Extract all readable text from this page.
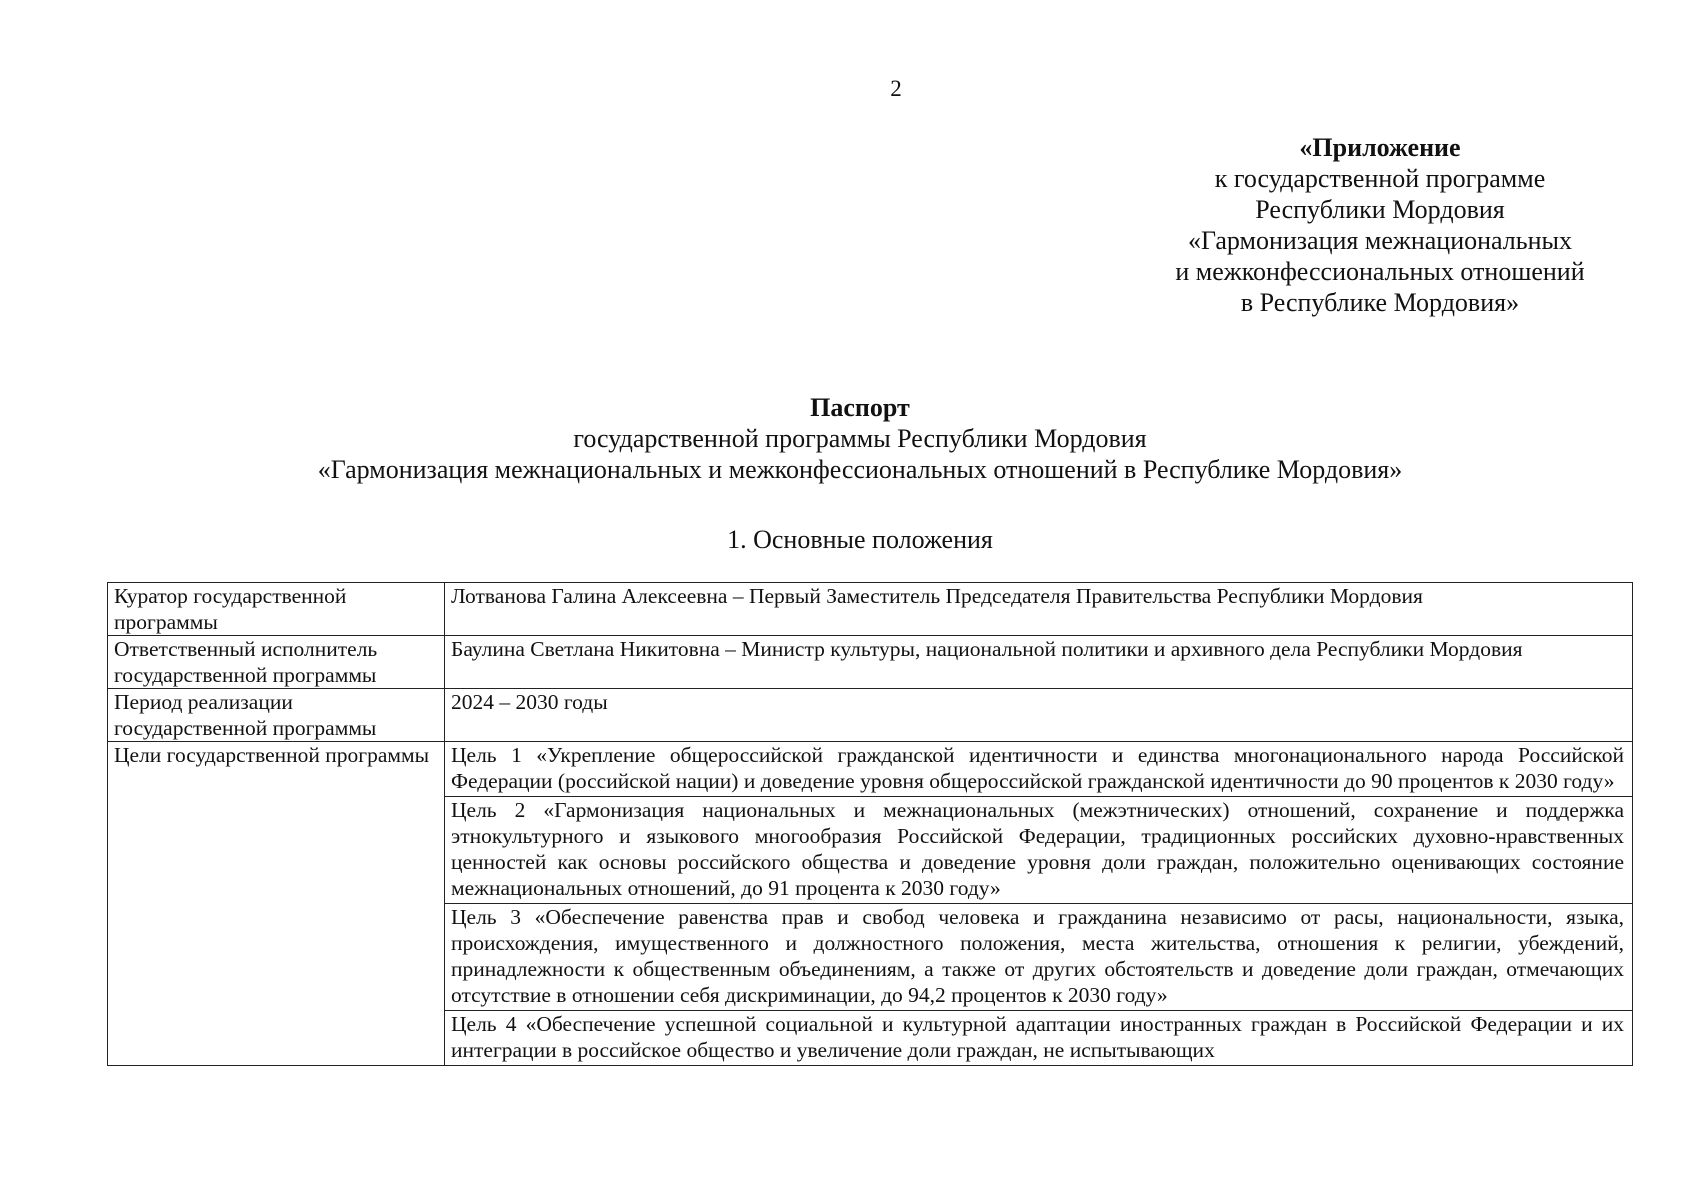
2
«Приложение
к государственной программе
Республики Мордовия
«Гармонизация межнациональных
и межконфессиональных отношений
в Республике Мордовия»
Паспорт
государственной программы Республики Мордовия
«Гармонизация межнациональных и межконфессиональных отношений в Республике Мордовия»
1. Основные положения
Куратор государственной программы	Лотванова Галина Алексеевна – Первый Заместитель Председателя Правительства Республики Мордовия
Ответственный исполнитель государственной программы	Баулина Светлана Никитовна – Министр культуры, национальной политики и архивного дела Республики Мордовия
Период реализации государственной программы	2024 – 2030 годы
Цели государственной программы	Цель 1 «Укрепление общероссийской гражданской идентичности и единства многонационального народа Российской Федерации (российской нации) и доведение уровня общероссийской гражданской идентичности до 90 процентов к 2030 году»
Цель 2 «Гармонизация национальных и межнациональных (межэтнических) отношений, сохранение и поддержка этнокультурного и языкового многообразия Российской Федерации, традиционных российских духовно-нравственных ценностей как основы российского общества и доведение уровня доли граждан, положительно оценивающих состояние межнациональных отношений, до 91 процента к 2030 году»
Цель 3 «Обеспечение равенства прав и свобод человека и гражданина независимо от расы, национальности, языка, происхождения, имущественного и должностного положения, места жительства, отношения к религии, убеждений, принадлежности к общественным объединениям, а также от других обстоятельств и доведение доли граждан, отмечающих отсутствие в отношении себя дискриминации, до 94,2 процентов к 2030 году»
Цель 4 «Обеспечение успешной социальной и культурной адаптации иностранных граждан в Российской Федерации и их интеграции в российское общество и увеличение доли граждан, не испытывающих
